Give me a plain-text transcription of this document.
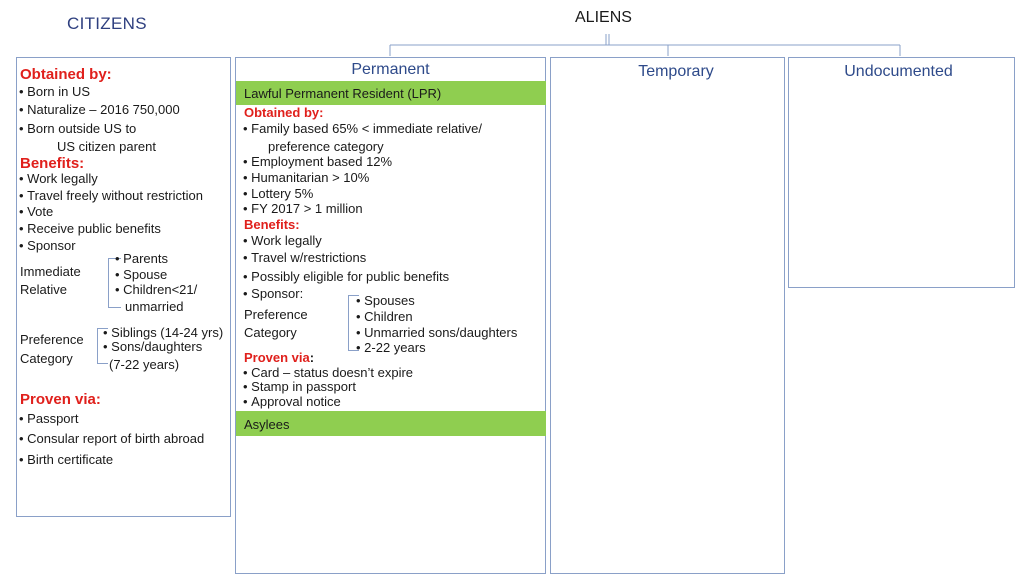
CITIZENS	ALIENS
Obtained by:
• Born in US
• Naturalize – 2016 750,000
• Born outside US to
US citizen parent
Benefits:
• Work legally
• Travel freely without restriction
• Vote
• Receive public benefits
• Sponsor
Immediate
Relative
• Parents
• Spouse
• Children<21/
unmarried
Preference
Category
• Siblings (14-24 yrs)
• Sons/daughters
(7-22 years)
Proven via:
• Passport
• Consular report of birth abroad
• Birth certificate
Permanent
Lawful Permanent Resident (LPR)
Obtained by:
• Family based 65% < immediate relative/
preference category
• Employment based 12%
• Humanitarian > 10%
• Lottery 5%
• FY 2017 > 1 million
Benefits:
• Work legally
• Travel w/restrictions
• Possibly eligible for public benefits
• Sponsor:
Preference
Category
• Spouses
• Children
• Unmarried sons/daughters
• 2-22 years
Proven via:
• Card – status doesn’t expire
• Stamp in passport
• Approval notice
Asylees
Temporary	Undocumented
